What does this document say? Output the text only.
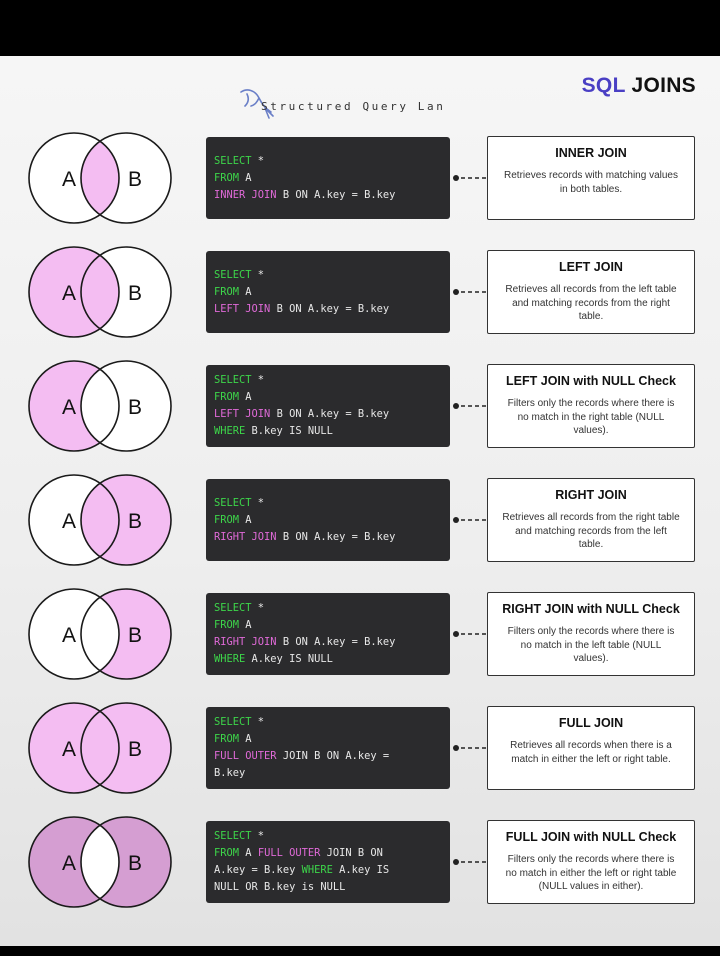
Structured Query Lan
SQL JOINS
A B
SELECT *
FROM A
INNER JOIN B ON A.key = B.key
INNER JOIN
Retrieves records with matching values in both tables.
A B
SELECT *
FROM A
LEFT JOIN B ON A.key = B.key
LEFT JOIN
Retrieves all records from the left table and matching records from the right table.
A B
SELECT *
FROM A
LEFT JOIN B ON A.key = B.key
WHERE B.key IS NULL
LEFT JOIN with NULL Check
Filters only the records where there is no match in the right table (NULL values).
A B
SELECT *
FROM A
RIGHT JOIN B ON A.key = B.key
RIGHT JOIN
Retrieves all records from the right table and matching records from the left table.
A B
SELECT *
FROM A
RIGHT JOIN B ON A.key = B.key
WHERE A.key IS NULL
RIGHT JOIN with NULL Check
Filters only the records where there is no match in the left table (NULL values).
A B
SELECT *
FROM A
FULL OUTER JOIN B ON A.key =
B.key
FULL JOIN
Retrieves all records when there is a match in either the left or right table.
A B
SELECT *
FROM A FULL OUTER JOIN B ON
A.key = B.key WHERE A.key IS
NULL OR B.key is NULL
FULL JOIN with NULL Check
Filters only the records where there is no match in either the left or right table (NULL values in either).
